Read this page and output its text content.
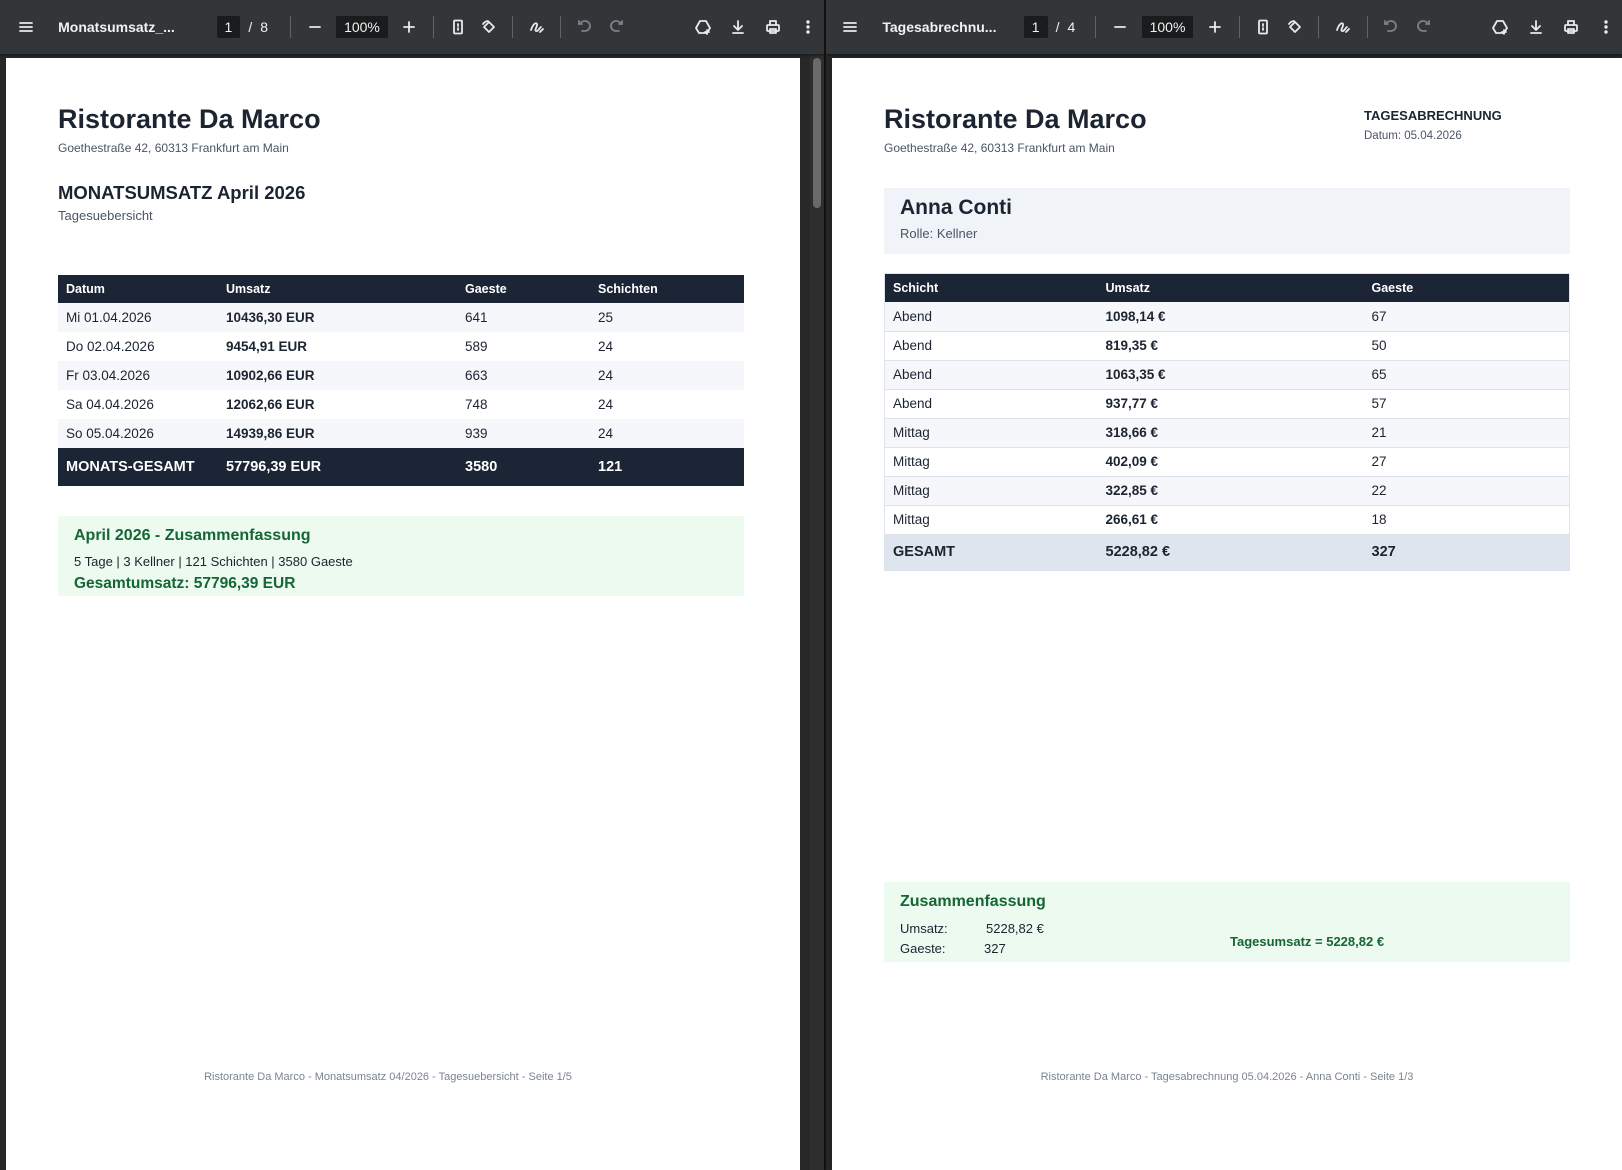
Monatsumsatz_...	1	/ 8	100%
Ristorante Da Marco
Goethestraße 42, 60313 Frankfurt am Main
MONATSUMSATZ April 2026
Tagesuebersicht
Datum	Umsatz	Gaeste	Schichten
Mi 01.04.2026	10436,30 EUR	641	25
Do 02.04.2026	9454,91 EUR	589	24
Fr 03.04.2026	10902,66 EUR	663	24
Sa 04.04.2026	12062,66 EUR	748	24
So 05.04.2026	14939,86 EUR	939	24
MONATS-GESAMT	57796,39 EUR	3580	121
April 2026 - Zusammenfassung
5 Tage | 3 Kellner | 121 Schichten | 3580 Gaeste
Gesamtumsatz: 57796,39 EUR
Ristorante Da Marco - Monatsumsatz 04/2026 - Tagesuebersicht - Seite 1/5
Tagesabrechnu...	1	/ 4	100%
Ristorante Da Marco
Goethestraße 42, 60313 Frankfurt am Main
TAGESABRECHNUNG
Datum: 05.04.2026
Anna Conti
Rolle: Kellner
Schicht	Umsatz	Gaeste
Abend	1098,14 €	67
Abend	819,35 €	50
Abend	1063,35 €	65
Abend	937,77 €	57
Mittag	318,66 €	21
Mittag	402,09 €	27
Mittag	322,85 €	22
Mittag	266,61 €	18
GESAMT	5228,82 €	327
Zusammenfassung
Umsatz:	5228,82 €
Gaeste:	327	Tagesumsatz = 5228,82 €
Ristorante Da Marco - Tagesabrechnung 05.04.2026 - Anna Conti - Seite 1/3
